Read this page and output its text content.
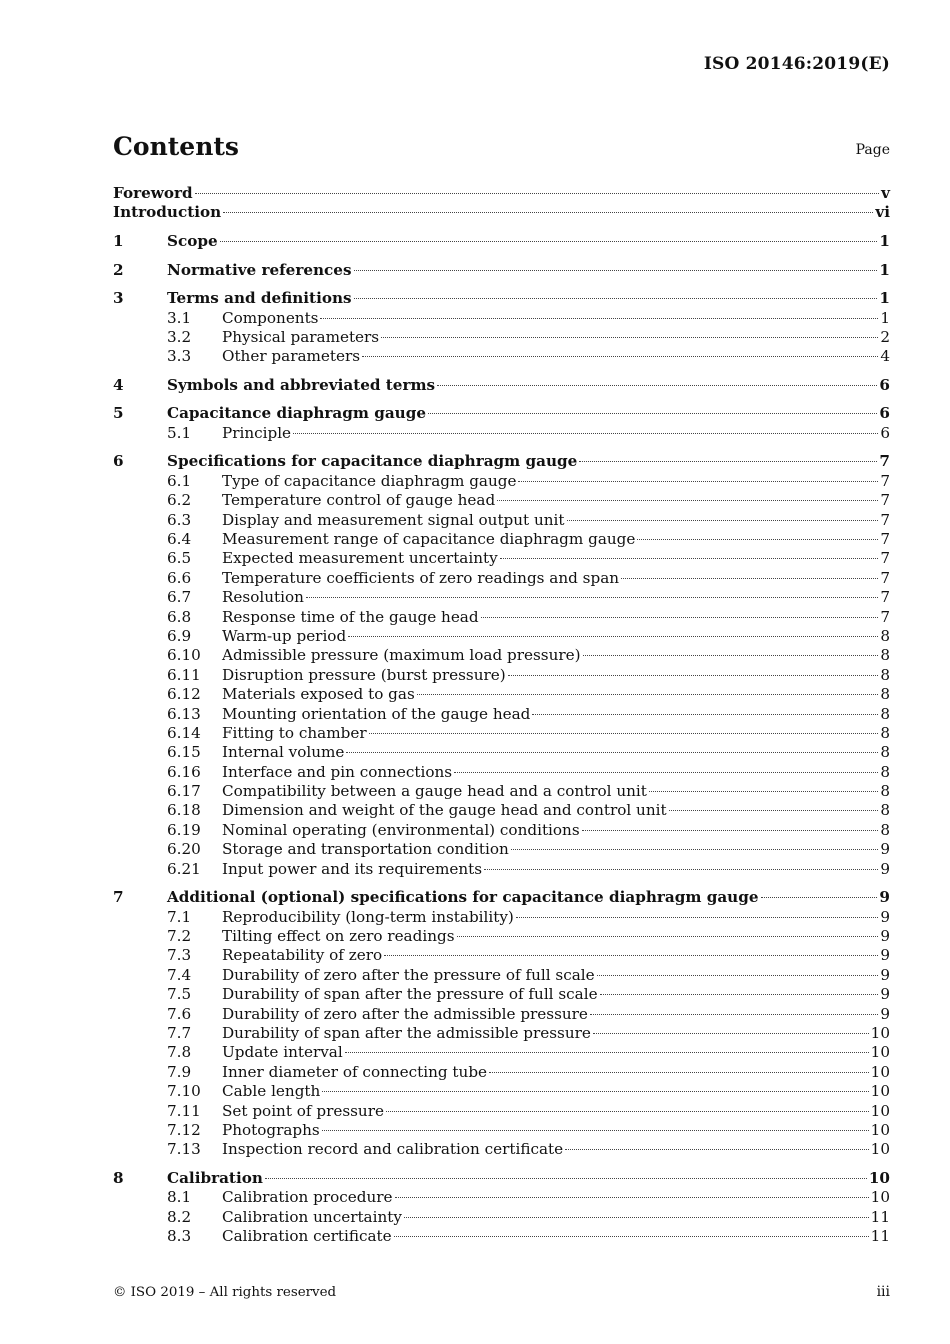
ISO 20146:2019(E)
Contents	Page
Foreword	v
Introduction	vi
1	Scope	1
2	Normative references	1
3	Terms and definitions	1
3.1	Components	1
3.2	Physical parameters	2
3.3	Other parameters	4
4	Symbols and abbreviated terms	6
5	Capacitance diaphragm gauge	6
5.1	Principle	6
6	Specifications for capacitance diaphragm gauge	7
6.1	Type of capacitance diaphragm gauge	7
6.2	Temperature control of gauge head	7
6.3	Display and measurement signal output unit	7
6.4	Measurement range of capacitance diaphragm gauge	7
6.5	Expected measurement uncertainty	7
6.6	Temperature coefficients of zero readings and span	7
6.7	Resolution	7
6.8	Response time of the gauge head	7
6.9	Warm-up period	8
6.10	Admissible pressure (maximum load pressure)	8
6.11	Disruption pressure (burst pressure)	8
6.12	Materials exposed to gas	8
6.13	Mounting orientation of the gauge head	8
6.14	Fitting to chamber	8
6.15	Internal volume	8
6.16	Interface and pin connections	8
6.17	Compatibility between a gauge head and a control unit	8
6.18	Dimension and weight of the gauge head and control unit	8
6.19	Nominal operating (environmental) conditions	8
6.20	Storage and transportation condition	9
6.21	Input power and its requirements	9
7	Additional (optional) specifications for capacitance diaphragm gauge	9
7.1	Reproducibility (long-term instability)	9
7.2	Tilting effect on zero readings	9
7.3	Repeatability of zero	9
7.4	Durability of zero after the pressure of full scale	9
7.5	Durability of span after the pressure of full scale	9
7.6	Durability of zero after the admissible pressure	9
7.7	Durability of span after the admissible pressure	10
7.8	Update interval	10
7.9	Inner diameter of connecting tube	10
7.10	Cable length	10
7.11	Set point of pressure	10
7.12	Photographs	10
7.13	Inspection record and calibration certificate	10
8	Calibration	10
8.1	Calibration procedure	10
8.2	Calibration uncertainty	11
8.3	Calibration certificate	11
© ISO 2019 – All rights reserved	iii
